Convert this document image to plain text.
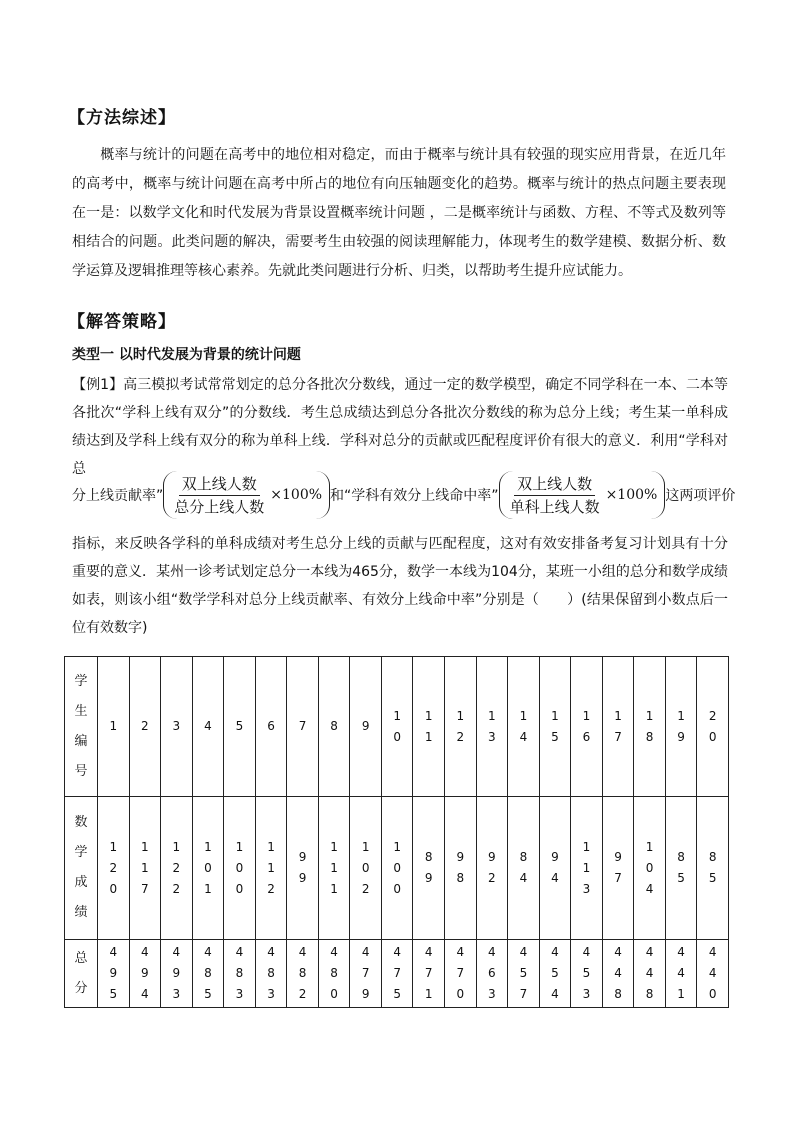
【方法综述】
概率与统计的问题在高考中的地位相对稳定，而由于概率与统计具有较强的现实应用背景，在近几年的高考中，概率与统计问题在高考中所占的地位有向压轴题变化的趋势。概率与统计的热点问题主要表现在一是：以数学文化和时代发展为背景设置概率统计问题 ，二是概率统计与函数、方程、不等式及数列等相结合的问题。此类问题的解决，需要考生由较强的阅读理解能力，体现考生的数学建模、数据分析、数学运算及逻辑推理等核心素养。先就此类问题进行分析、归类，以帮助考生提升应试能力。
【解答策略】
类型一 以时代发展为背景的统计问题
【例1】高三模拟考试常常划定的总分各批次分数线，通过一定的数学模型，确定不同学科在一本、二本等各批次“学科上线有双分”的分数线．考生总成绩达到总分各批次分数线的称为总分上线；考生某一单科成绩达到及学科上线有双分的称为单科上线．学科对总分的贡献或匹配程度评价有很大的意义．利用“学科对总
分上线贡献率” $\frac{\text{双上线人数}}{\text{总分上线人数}} \times 100\%$ 和“学科有效分上线命中率” $\frac{\text{双上线人数}}{\text{单科上线人数}} \times 100\%$ 这两项评价
指标，来反映各学科的单科成绩对考生总分上线的贡献与匹配程度，这对有效安排备考复习计划具有十分重要的意义．某州一诊考试划定总分一本线为465分，数学一本线为104分，某班一小组的总分和数学成绩如表，则该小组“数学学科对总分上线贡献率、有效分上线命中率”分别是（　　）(结果保留到小数点后一位有效数字)
学生编号	1	2	3	4	5	6	7	8	9	10	11	12	13	14	15	16	17	18	19	20
数学成绩	120	117	122	101	100	112	99	111	102	100	89	98	92	84	94	113	97	104	85	85
总分	495	494	493	485	483	483	482	480	479	475	471	470	463	457	454	453	448	448	441	440
